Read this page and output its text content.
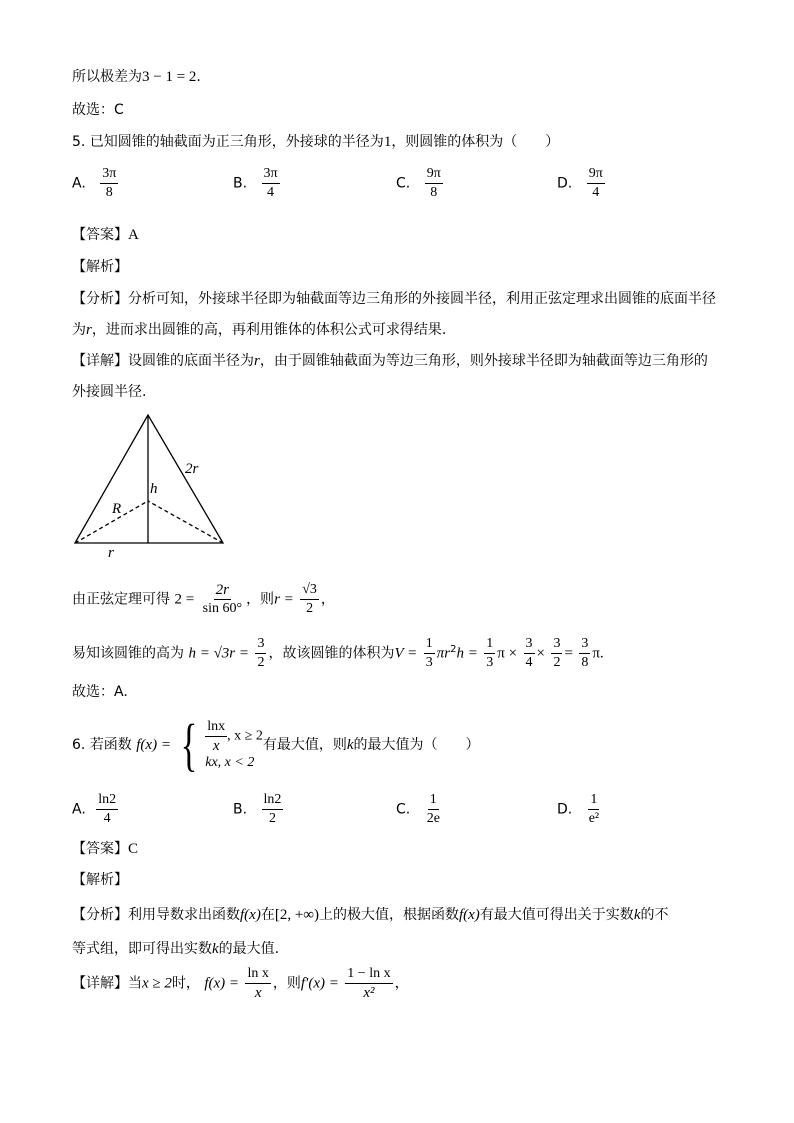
所以极差为3 − 1 = 2.
故选：C
5. 已知圆锥的轴截面为正三角形，外接球的半径为1，则圆锥的体积为（　　）
A. $\frac{3\pi}{8}$	B. $\frac{3\pi}{4}$	C. $\frac{9\pi}{8}$	D. $\frac{9\pi}{4}$
【答案】A
【解析】
【分析】分析可知，外接球半径即为轴截面等边三角形的外接圆半径，利用正弦定理求出圆锥的底面半径
为r，进而求出圆锥的高，再利用锥体的体积公式可求得结果.
【详解】设圆锥的底面半径为r，由于圆锥轴截面为等边三角形，则外接球半径即为轴截面等边三角形的
外接圆半径.
2r
h
R
r
由正弦定理可得 $2 = \frac{2r}{\sin 60^\circ}$ ，则$r = \frac{√3}{2}$ ，
易知该圆锥的高为 $h = √3r = \frac{3}{2}$ ，故该圆锥的体积为$V = \frac{1}{3} \pi r^2h = \frac{1}{3}$ $\pi \times \frac{3}{4} \times \frac{3}{2} = \frac{3}{8} \pi$.
故选：A.
6. 若函数 f(x) = { $\frac{\ln x}{x}$ , x ≥ 2
kx, x < 2
有最大值，则k的最大值为（　　）
A. $\frac{\ln 2}{4}$	B. $\frac{\ln 2}{2}$	C. $\frac{1}{2e}$	D. $\frac{1}{\text{e²}}$
【答案】C
【解析】
【分析】利用导数求出函数f(x)在[2, +∞)上的极大值，根据函数f(x)有最大值可得出关于实数k的不
等式组，即可得出实数k的最大值.
【详解】当x ≥ 2时， $f(x) = \frac{\text{ln x}}{x}$ ，则$f'(x) = \frac{\text{1 − ln x}}{\text{x²}}$ ，
